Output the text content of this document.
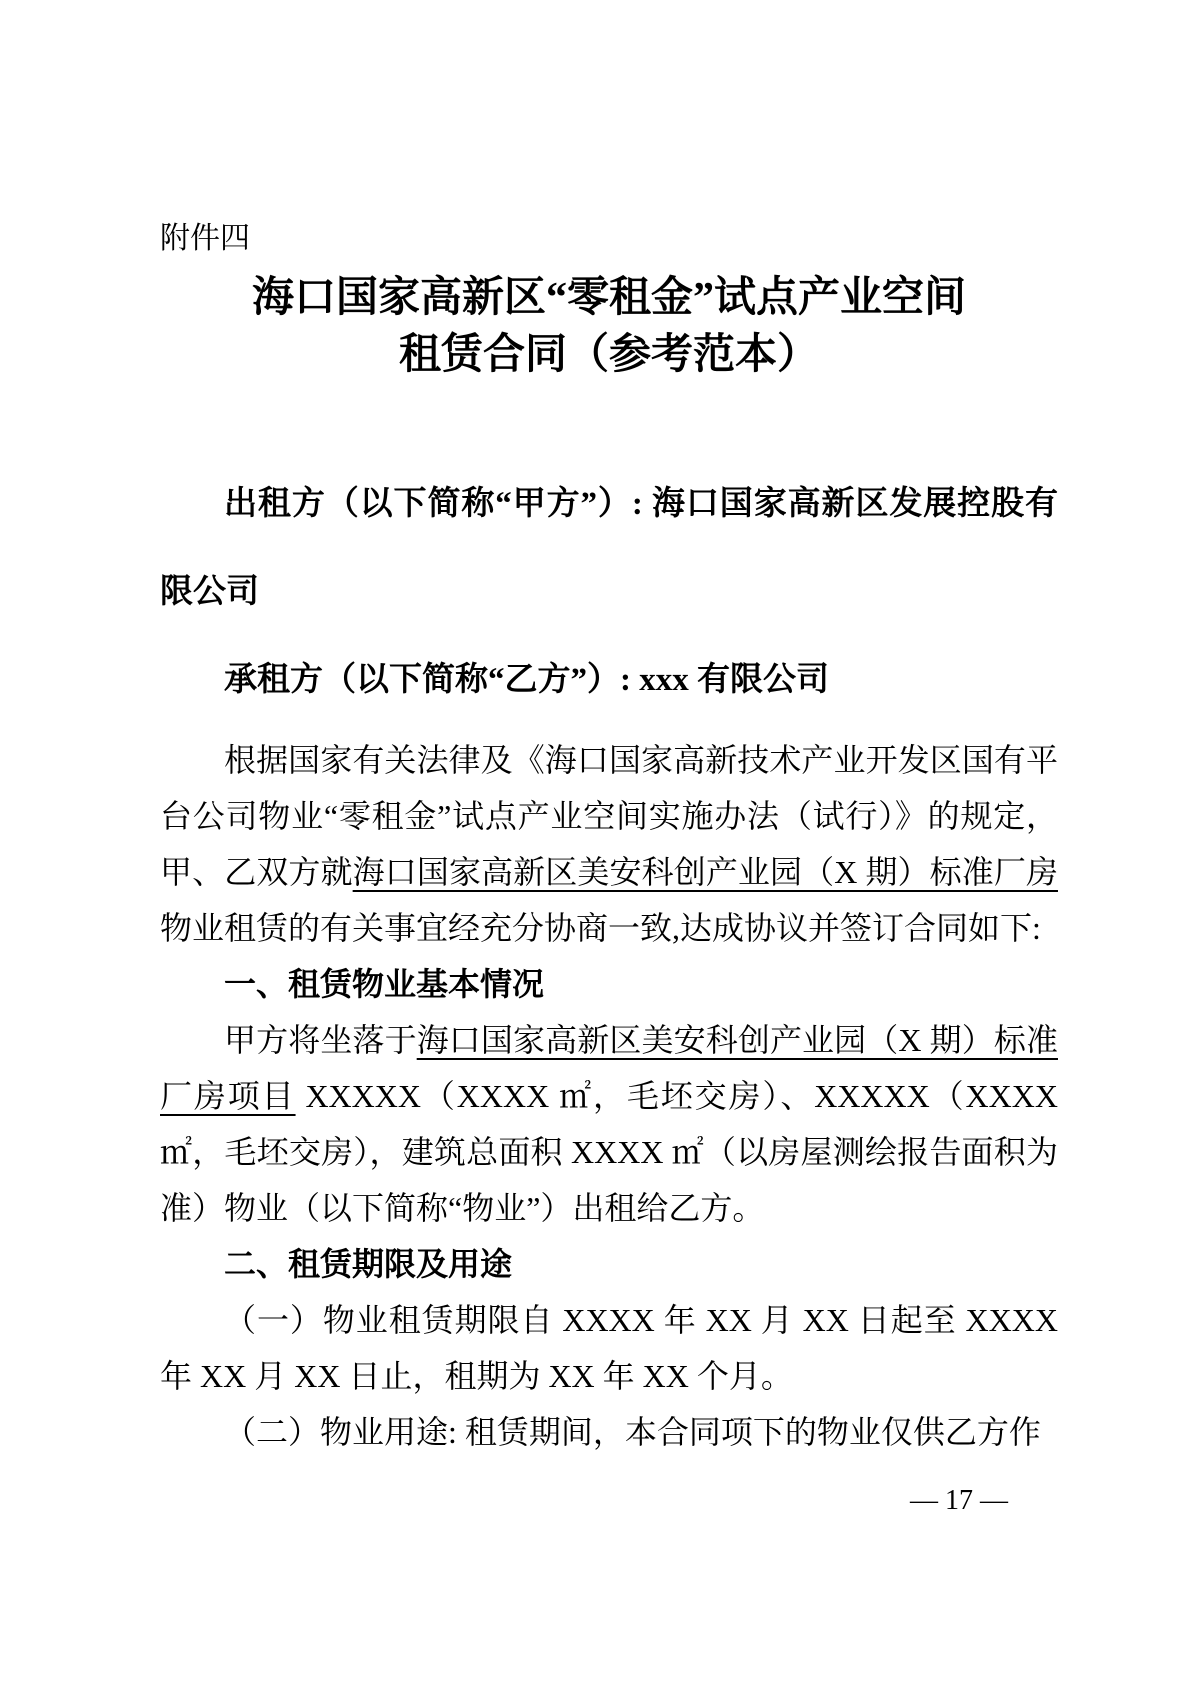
附件四

海口国家高新区“零租金”试点产业空间
租赁合同（参考范本）

出租方（以下简称“甲方”）: 海口国家高新区发展控股有限公司

承租方（以下简称“乙方”）: xxx 有限公司

根据国家有关法律及《海口国家高新技术产业开发区国有平台公司物业“零租金”试点产业空间实施办法（试行）》的规定，甲、乙双方就海口国家高新区美安科创产业园（X 期）标准厂房物业租赁的有关事宜经充分协商一致,达成协议并签订合同如下:

一、租赁物业基本情况

甲方将坐落于海口国家高新区美安科创产业园（X 期）标准厂房项目 XXXXX（XXXX ㎡，毛坯交房）、XXXXX（XXXX ㎡，毛坯交房），建筑总面积 XXXX ㎡（以房屋测绘报告面积为准）物业（以下简称“物业”）出租给乙方。

二、租赁期限及用途

（一）物业租赁期限自 XXXX 年 XX 月 XX 日起至 XXXX 年 XX 月 XX 日止，租期为 XX 年 XX 个月。

（二）物业用途: 租赁期间，本合同项下的物业仅供乙方作

— 17 —
